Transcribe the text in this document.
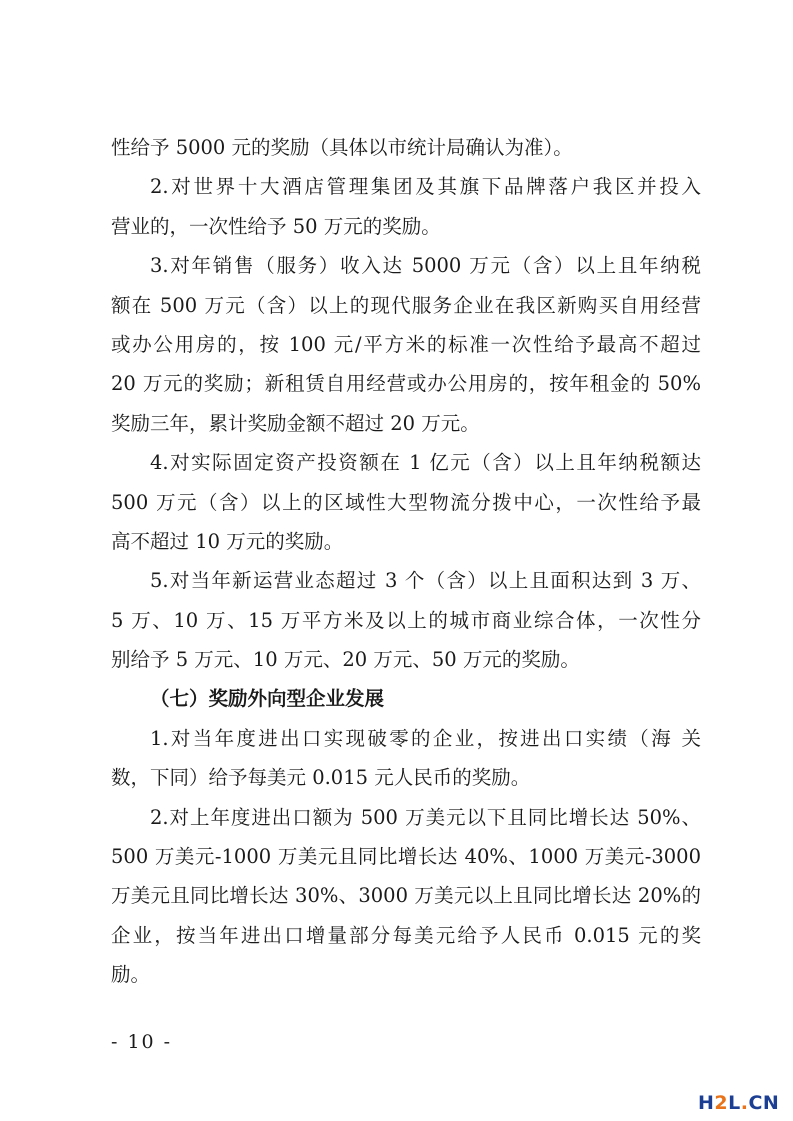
性给予 5000 元的奖励（具体以市统计局确认为准）。
2.对世界十大酒店管理集团及其旗下品牌落户我区并投入
营业的，一次性给予 50 万元的奖励。
3.对年销售（服务）收入达 5000 万元（含）以上且年纳税
额在 500 万元（含）以上的现代服务企业在我区新购买自用经营
或办公用房的，按 100 元/平方米的标准一次性给予最高不超过
20 万元的奖励；新租赁自用经营或办公用房的，按年租金的 50%
奖励三年，累计奖励金额不超过 20 万元。
4.对实际固定资产投资额在 1 亿元（含）以上且年纳税额达
500 万元（含）以上的区域性大型物流分拨中心，一次性给予最
高不超过 10 万元的奖励。
5.对当年新运营业态超过 3 个（含）以上且面积达到 3 万、
5 万、10 万、15 万平方米及以上的城市商业综合体，一次性分
别给予 5 万元、10 万元、20 万元、50 万元的奖励。
（七）奖励外向型企业发展
1.对当年度进出口实现破零的企业，按进出口实绩（海 关
数，下同）给予每美元 0.015 元人民币的奖励。
2.对上年度进出口额为 500 万美元以下且同比增长达 50%、
500 万美元-1000 万美元且同比增长达 40%、1000 万美元-3000
万美元且同比增长达 30%、3000 万美元以上且同比增长达 20%的
企业，按当年进出口增量部分每美元给予人民币 0.015 元的奖
励。
- 10 -
H2L.CN
